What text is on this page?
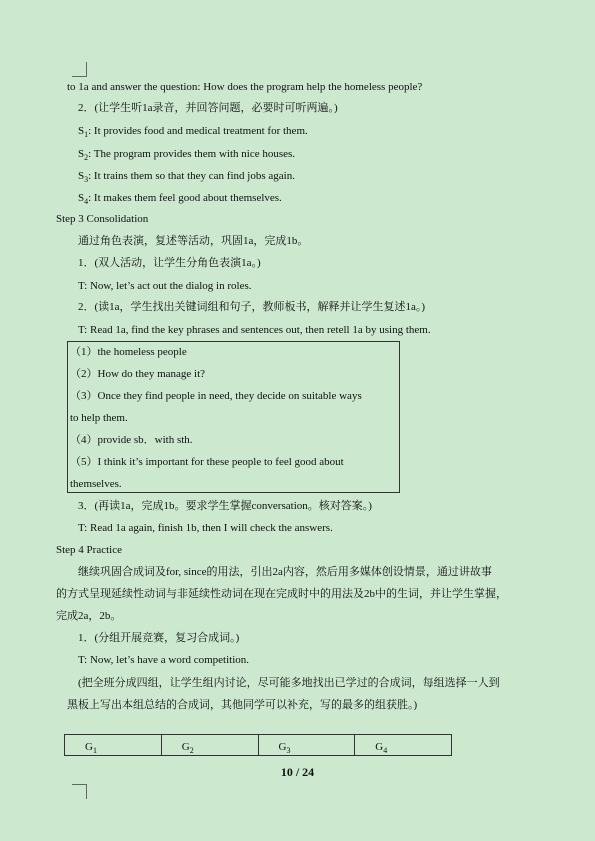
to 1a and answer the question: How does the program help the homeless people?
2．(让学生听1a录音，并回答问题，必要时可听两遍。)
$S_1$: It provides food and medical treatment for them.
$S_2$: The program provides them with nice houses.
$S_3$: It trains them so that they can find jobs again.
$S_4$: It makes them feel good about themselves.
Step 3 Consolidation
通过角色表演，复述等活动，巩固1a，完成1b。
1．(双人活动，让学生分角色表演1a。)
T: Now, let’s act out the dialog in roles.
2．(读1a，学生找出关键词组和句子，教师板书，解释并让学生复述1a。)
T: Read 1a, find the key phrases and sentences out, then retell 1a by using them.
（1）the homeless people
（2）How do they manage it?
（3）Once they find people in need, they decide on suitable ways
to help them.
（4）provide sb．with sth.
（5）I think it’s important for these people to feel good about
themselves.
3．(再读1a，完成1b。要求学生掌握conversation。核对答案。)
T: Read 1a again, finish 1b, then I will check the answers.
Step 4 Practice
继续巩固合成词及for, since的用法，引出2a内容，然后用多媒体创设情景，通过讲故事
的方式呈现延续性动词与非延续性动词在现在完成时中的用法及2b中的生词，并让学生掌握，
完成2a，2b。
1．(分组开展竞赛，复习合成词。)
T: Now, let’s have a word competition.
(把全班分成四组，让学生组内讨论，尽可能多地找出已学过的合成词，每组选择一人到
黑板上写出本组总结的合成词，其他同学可以补充，写的最多的组获胜。)
$G_1$	$G_2$	$G_3$	$G_4$
10 / 24
